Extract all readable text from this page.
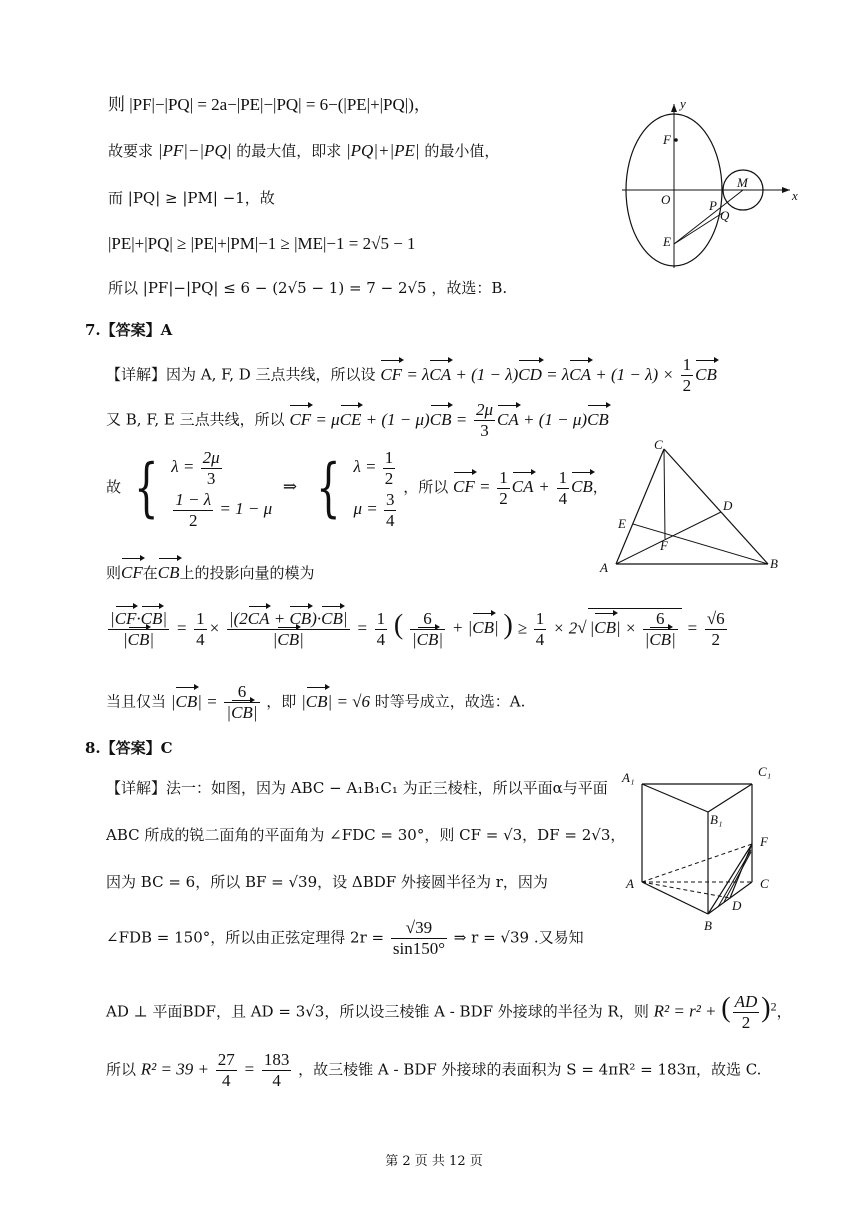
则 |PF|−|PQ| = 2a−|PE|−|PQ| = 6−(|PE|+|PQ|)，
故要求 |PF|−|PQ| 的最大值，即求 |PQ|+|PE| 的最小值，
而 |PQ| ≥ |PM| −1，故
|PE|+|PQ| ≥ |PE|+|PM|−1 ≥ |ME|−1 = 2√5 − 1
所以 |PF|−|PQ| ≤ 6 − (2√5 − 1) = 7 − 2√5 ，故选：B.
y
F
M
O	P
Q
x
E
7.【答案】A
【详解】因为 A, F, D 三点共线，所以设 CF = $\lambda CA + (1 - \lambda)CD = \lambda CA + (1 - \lambda) \times \frac{1}{2}$ CB
又 B, F, E 三点共线，所以 CF = $\mu CE + (1 - \mu)CB = \frac{2\mu}{3}$ CA + (1 − μ)CB
故 { $\lambda = \frac{2\mu}{3}$
$\frac{1 - \lambda}{2} = 1 - \mu$
⇒ { $\lambda = \frac{1}{2}$
$\mu = \frac{3}{4}$
，所以 CF = $\frac{1}{2}$ CA + $\frac{1}{4}$ CB，
则CF在CB上的投影向量的模为
$\frac{|CF\cdot CB|}{|CB|} = \frac{1}{4} \times \frac{|(2CA + CB)\cdot CB|}{|CB|} = \frac{1}{4}$ ( $\frac{6}{|CB|} + |CB|$ ) ≥ $\frac{1}{4} \times 2√$ $|CB| \times \frac{6}{|CB|} = \frac{√6}{2}$
当且仅当 $|CB| = \frac{6}{|CB|}$ ，即 |CB| = √6 时等号成立，故选：A.
C
D
E
F
A	B
8.【答案】C
【详解】法一：如图，因为 ABC − A₁B₁C₁ 为正三棱柱，所以平面α与平面
ABC 所成的锐二面角的平面角为 ∠FDC = 30°，则 CF = √3，DF = 2√3，
因为 BC = 6，所以 BF = √39，设 ΔBDF 外接圆半径为 r，因为
∠FDB = 150°，所以由正弦定理得 $2r = \frac{√39}{\sin 150^\circ}$ ⇒ r = √39 .又易知
AD ⊥ 平面BDF，且 AD = 3√3，所以设三棱锥 A - BDF 外接球的半径为 R，则 R² = r² + ( $\frac{AD}{2} )^2$，
所以 $R^2 = 39 + \frac{27}{4} = \frac{183}{4}$ ，故三棱锥 A - BDF 外接球的表面积为 S = 4πR² = 183π，故选 C.
A₁	C₁
B₁
F
A	C
D
B
第 2 页 共 12 页
